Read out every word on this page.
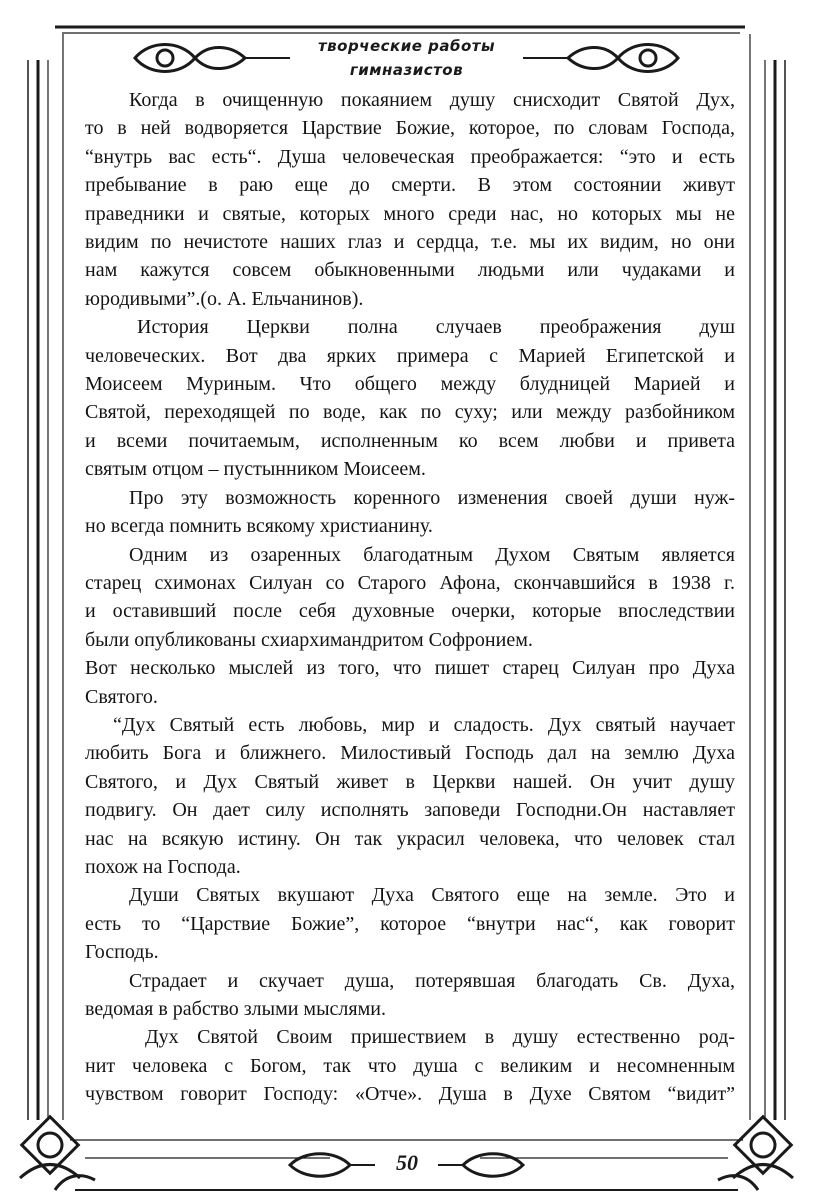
творческие работы
гимназистов
Когда в очищенную покаянием душу снисходит Святой Дух,
то в ней водворяется Царствие Божие, которое, по словам Господа,
“внутрь вас есть“. Душа человеческая преображается: “это и есть
пребывание в раю еще до смерти. В этом состоянии живут
праведники и святые, которых много среди нас, но которых мы не
видим по нечистоте наших глаз и сердца, т.е. мы их видим, но они
нам кажутся совсем обыкновенными людьми или чудаками и
юродивыми”.(о. А. Ельчанинов).
История Церкви полна случаев преображения душ
человеческих. Вот два ярких примера с Марией Египетской и
Моисеем Муриным. Что общего между блудницей Марией и
Святой, переходящей по воде, как по суху; или между разбойником
и всеми почитаемым, исполненным ко всем любви и привета
святым отцом – пустынником Моисеем.
Про эту возможность коренного изменения своей души нуж-
но всегда помнить всякому христианину.
Одним из озаренных благодатным Духом Святым является
старец схимонах Силуан со Старого Афона, скончавшийся в 1938 г.
и оставивший после себя духовные очерки, которые впоследствии
были опубликованы схиархимандритом Софронием.
Вот несколько мыслей из того, что пишет старец Силуан про Духа
Святого.
“Дух Святый есть любовь, мир и сладость. Дух святый научает
любить Бога и ближнего. Милостивый Господь дал на землю Духа
Святого, и Дух Святый живет в Церкви нашей. Он учит душу
подвигу. Он дает силу исполнять заповеди Господни.Он наставляет
нас на всякую истину. Он так украсил человека, что человек стал
похож на Господа.
Души Святых вкушают Духа Святого еще на земле. Это и
есть то “Царствие Божие”, которое “внутри нас“, как говорит
Господь.
Страдает и скучает душа, потерявшая благодать Св. Духа,
ведомая в рабство злыми мыслями.
Дух Святой Своим пришествием в душу естественно род-
нит человека с Богом, так что душа с великим и несомненным
чувством говорит Господу: «Отче». Душа в Духе Святом “видит”
50
